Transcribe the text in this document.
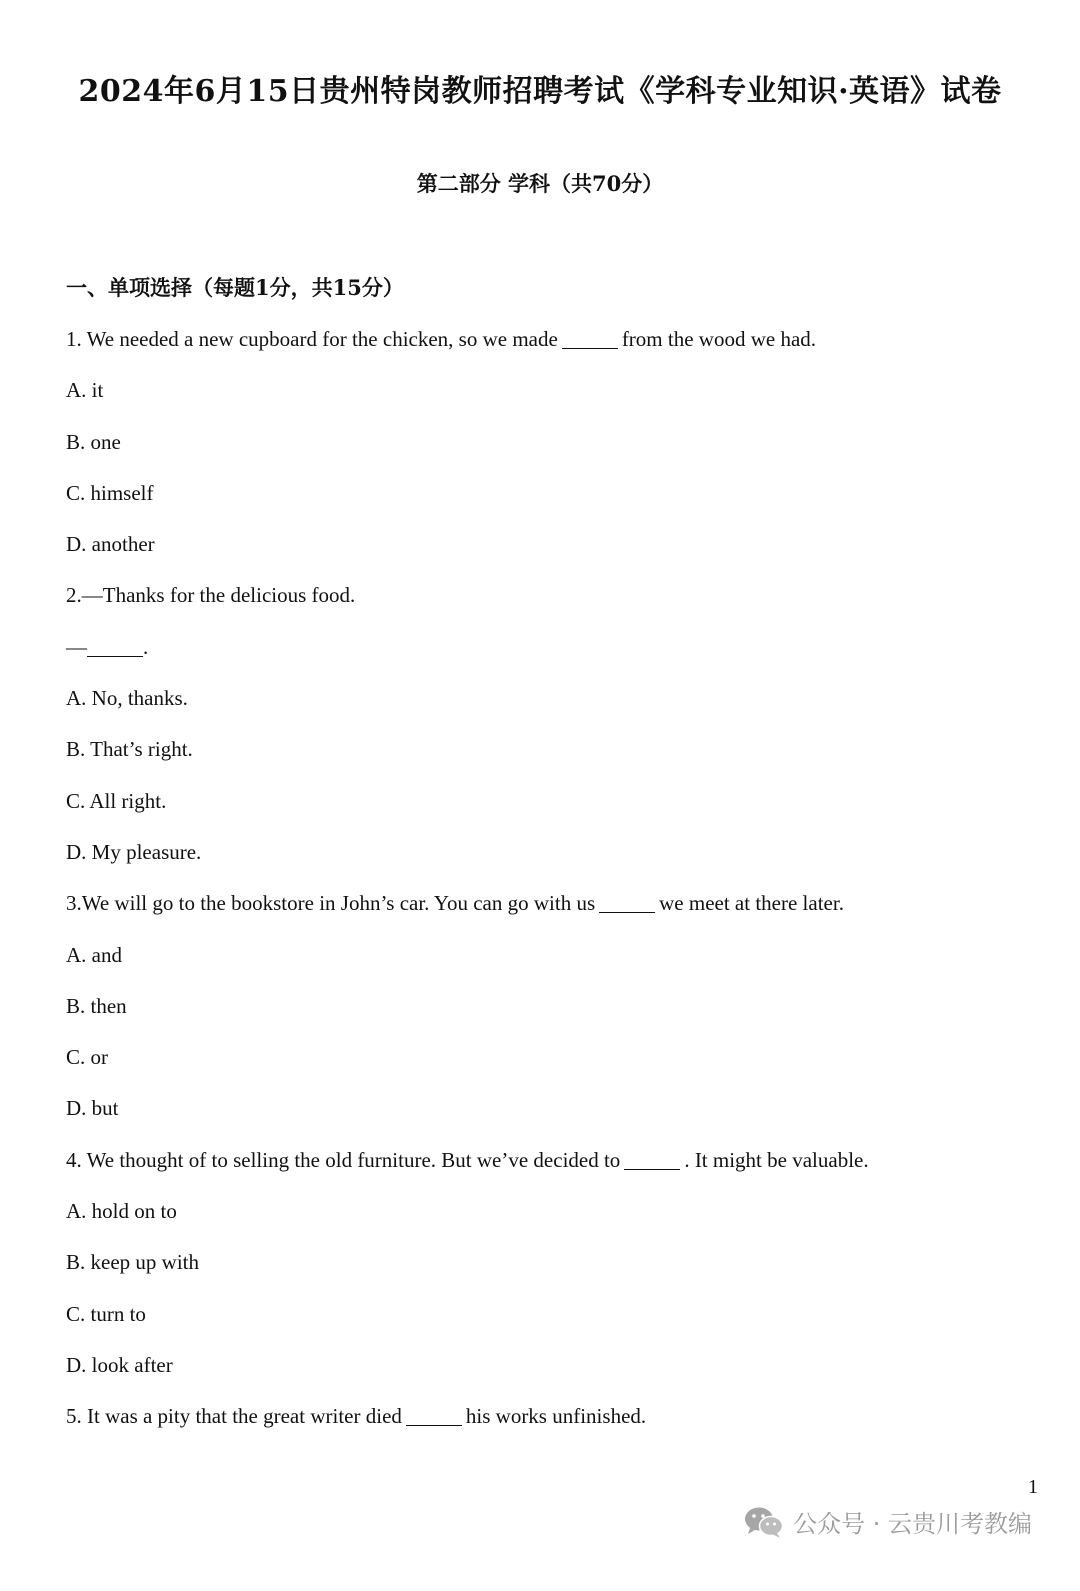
2024年6月15日贵州特岗教师招聘考试《学科专业知识·英语》试卷
第二部分 学科（共70分）
一、单项选择（每题1分，共15分）
1. We needed a new cupboard for the chicken, so we made	from the wood we had.
A. it
B. one
C. himself
D. another
2.—Thanks for the delicious food.
—	.
A. No, thanks.
B. That’s right.
C. All right.
D. My pleasure.
3.We will go to the bookstore in John’s car. You can go with us	we meet at there later.
A. and
B. then
C. or
D. but
4. We thought of to selling the old furniture. But we’ve decided to	. It might be valuable.
A. hold on to
B. keep up with
C. turn to
D. look after
5. It was a pity that the great writer died	his works unfinished.
1
公众号 · 云贵川考教编
